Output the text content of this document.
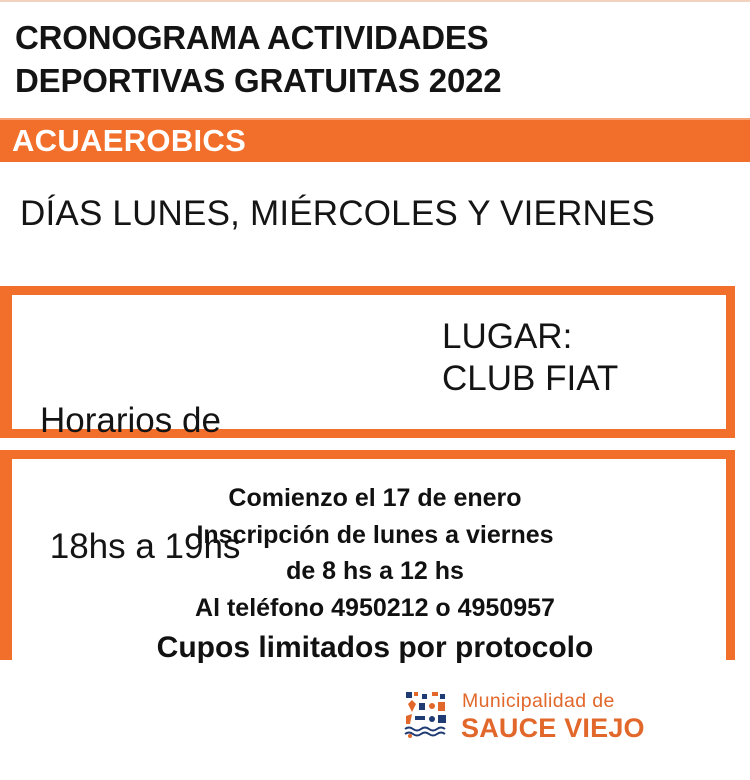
CRONOGRAMA ACTIVIDADES
DEPORTIVAS GRATUITAS 2022
ACUAEROBICS
DÍAS LUNES, MIÉRCOLES Y VIERNES

Horarios de

18hs a 19hs

LUGAR:
CLUB FIAT
Comienzo el 17 de enero
Inscripción de lunes a viernes
de 8 hs a 12 hs
Al teléfono 4950212 o 4950957
Cupos limitados por protocolo
Municipalidad de
SAUCE VIEJO
